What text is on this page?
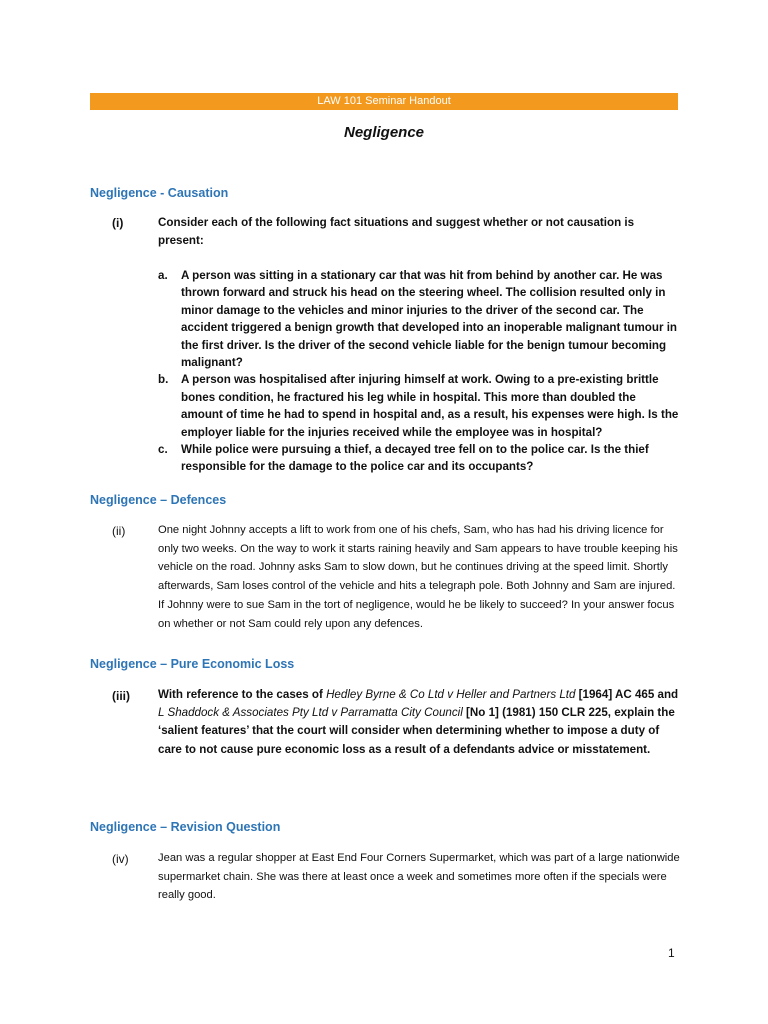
LAW 101 Seminar Handout
Negligence
Negligence - Causation
(i)	Consider each of the following fact situations and suggest whether or not causation is present:
a. A person was sitting in a stationary car that was hit from behind by another car. He was thrown forward and struck his head on the steering wheel. The collision resulted only in minor damage to the vehicles and minor injuries to the driver of the second car. The accident triggered a benign growth that developed into an inoperable malignant tumour in the first driver. Is the driver of the second vehicle liable for the benign tumour becoming malignant?
b. A person was hospitalised after injuring himself at work. Owing to a pre-existing brittle bones condition, he fractured his leg while in hospital. This more than doubled the amount of time he had to spend in hospital and, as a result, his expenses were high. Is the employer liable for the injuries received while the employee was in hospital?
c. While police were pursuing a thief, a decayed tree fell on to the police car. Is the thief responsible for the damage to the police car and its occupants?
Negligence – Defences
(ii)	One night Johnny accepts a lift to work from one of his chefs, Sam, who has had his driving licence for only two weeks. On the way to work it starts raining heavily and Sam appears to have trouble keeping his vehicle on the road. Johnny asks Sam to slow down, but he continues driving at the speed limit. Shortly afterwards, Sam loses control of the vehicle and hits a telegraph pole. Both Johnny and Sam are injured. If Johnny were to sue Sam in the tort of negligence, would he be likely to succeed? In your answer focus on whether or not Sam could rely upon any defences.
Negligence – Pure Economic Loss
(iii) With reference to the cases of Hedley Byrne & Co Ltd v Heller and Partners Ltd [1964] AC 465 and L Shaddock & Associates Pty Ltd v Parramatta City Council [No 1] (1981) 150 CLR 225, explain the ‘salient features’ that the court will consider when determining whether to impose a duty of care to not cause pure economic loss as a result of a defendants advice or misstatement.
Negligence – Revision Question
(iv)	Jean was a regular shopper at East End Four Corners Supermarket, which was part of a large nationwide supermarket chain. She was there at least once a week and sometimes more often if the specials were really good.
1
